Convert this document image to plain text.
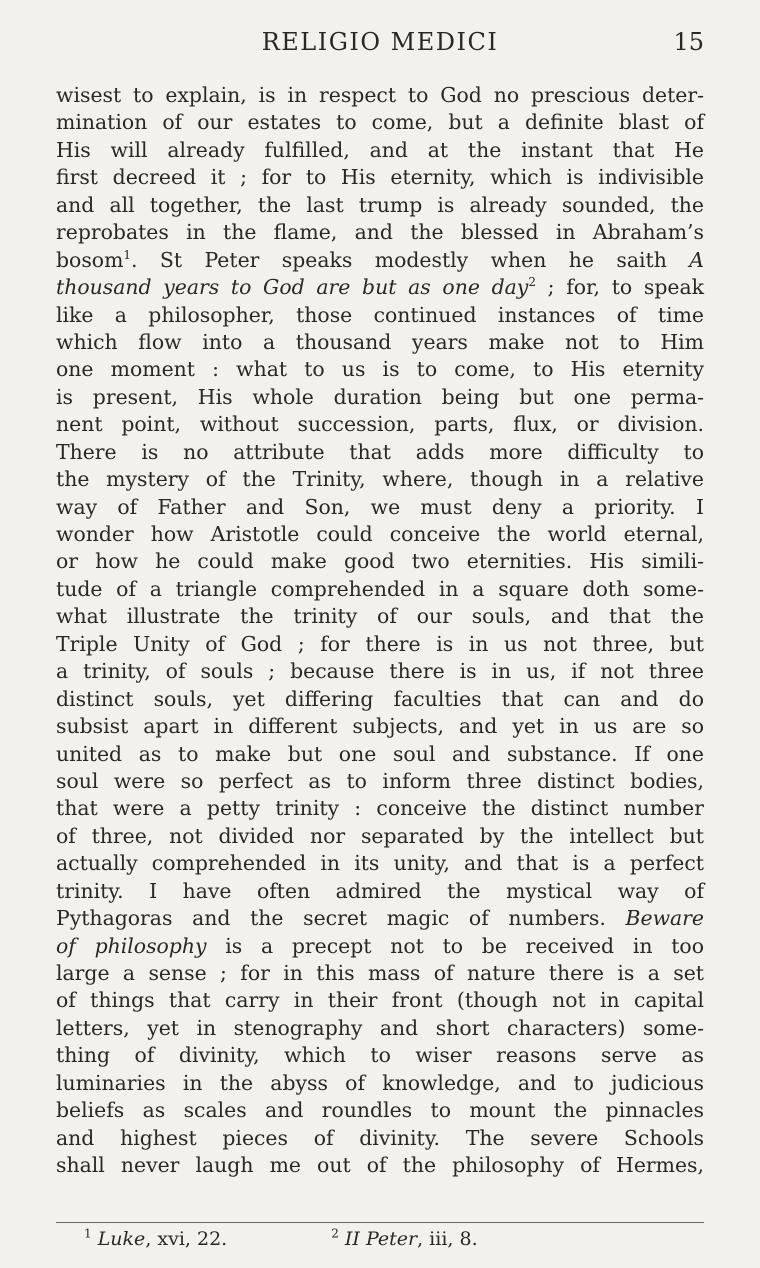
RELIGIO MEDICI	15
wisest to explain, is in respect to God no prescious deter-
mination of our estates to come, but a definite blast of
His will already fulfilled, and at the instant that He
first decreed it ; for to His eternity, which is indivisible
and all together, the last trump is already sounded, the
reprobates in the flame, and the blessed in Abraham’s
bosom$^1$. St Peter speaks modestly when he saith A
thousand years to God are but as one day$^2$ ; for, to speak
like a philosopher, those continued instances of time
which flow into a thousand years make not to Him
one moment : what to us is to come, to His eternity
is present, His whole duration being but one perma-
nent point, without succession, parts, flux, or division.
There is no attribute that adds more difficulty to
the mystery of the Trinity, where, though in a relative
way of Father and Son, we must deny a priority. I
wonder how Aristotle could conceive the world eternal,
or how he could make good two eternities. His simili-
tude of a triangle comprehended in a square doth some-
what illustrate the trinity of our souls, and that the
Triple Unity of God ; for there is in us not three, but
a trinity, of souls ; because there is in us, if not three
distinct souls, yet differing faculties that can and do
subsist apart in different subjects, and yet in us are so
united as to make but one soul and substance. If one
soul were so perfect as to inform three distinct bodies,
that were a petty trinity : conceive the distinct number
of three, not divided nor separated by the intellect but
actually comprehended in its unity, and that is a perfect
trinity. I have often admired the mystical way of
Pythagoras and the secret magic of numbers. Beware
of philosophy is a precept not to be received in too
large a sense ; for in this mass of nature there is a set
of things that carry in their front (though not in capital
letters, yet in stenography and short characters) some-
thing of divinity, which to wiser reasons serve as
luminaries in the abyss of knowledge, and to judicious
beliefs as scales and roundles to mount the pinnacles
and highest pieces of divinity. The severe Schools
shall never laugh me out of the philosophy of Hermes,
$^1$ Luke, xvi, 22.	$^2$ II Peter, iii, 8.
